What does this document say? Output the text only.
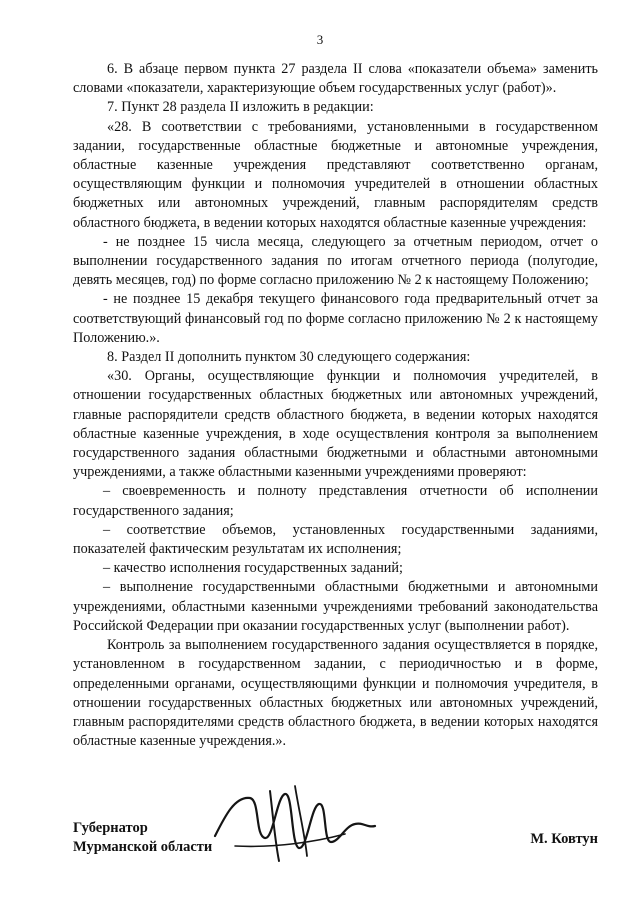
3

6. В абзаце первом пункта 27 раздела II слова «показатели объема» заменить словами «показатели, характеризующие объем государственных услуг (работ)».

7. Пункт 28 раздела II изложить в редакции:

«28. В соответствии с требованиями, установленными в государственном задании, государственные областные бюджетные и автономные учреждения, областные казенные учреждения представляют соответственно органам, осуществляющим функции и полномочия учредителей в отношении областных бюджетных или автономных учреждений, главным распорядителям средств областного бюджета, в ведении которых находятся областные казенные учреждения:

- не позднее 15 числа месяца, следующего за отчетным периодом, отчет о выполнении государственного задания по итогам отчетного периода (полугодие, девять месяцев, год) по форме согласно приложению № 2 к настоящему Положению;

- не позднее 15 декабря текущего финансового года предварительный отчет за соответствующий финансовый год по форме согласно приложению № 2 к настоящему Положению.».

8. Раздел II дополнить пунктом 30 следующего содержания:

«30. Органы, осуществляющие функции и полномочия учредителей, в отношении государственных областных бюджетных или автономных учреждений, главные распорядители средств областного бюджета, в ведении которых находятся областные казенные учреждения, в ходе осуществления контроля за выполнением государственного задания областными бюджетными и областными автономными учреждениями, а также областными казенными учреждениями проверяют:

– своевременность и полноту представления отчетности об исполнении государственного задания;

– соответствие объемов, установленных государственными заданиями, показателей фактическим результатам их исполнения;

– качество исполнения государственных заданий;

– выполнение государственными областными бюджетными и автономными учреждениями, областными казенными учреждениями требований законодательства Российской Федерации при оказании государственных услуг (выполнении работ).

Контроль за выполнением государственного задания осуществляется в порядке, установленном в государственном задании, с периодичностью и в форме, определенными органами, осуществляющими функции и полномочия учредителя, в отношении государственных областных бюджетных или автономных учреждений, главным распорядителями средств областного бюджета, в ведении которых находятся областные казенные учреждения.».

Губернатор
Мурманской области	М. Ковтун
